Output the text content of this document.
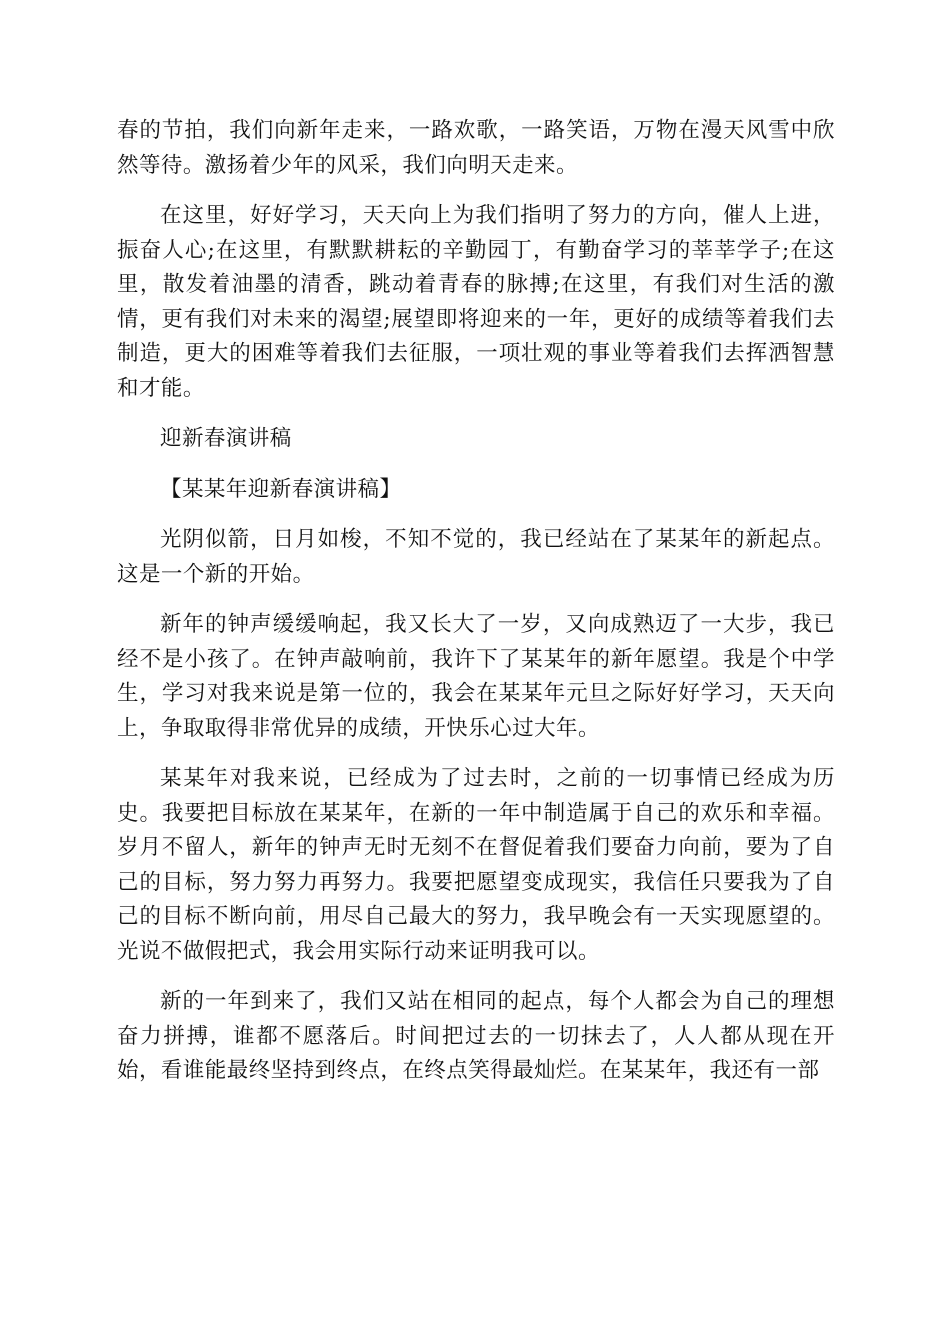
春的节拍，我们向新年走来，一路欢歌，一路笑语，万物在漫天风雪中欣然等待。激扬着少年的风采，我们向明天走来。

在这里，好好学习，天天向上为我们指明了努力的方向，催人上进，振奋人心;在这里，有默默耕耘的辛勤园丁，有勤奋学习的莘莘学子;在这里，散发着油墨的清香，跳动着青春的脉搏;在这里，有我们对生活的激情，更有我们对未来的渴望;展望即将迎来的一年，更好的成绩等着我们去制造，更大的困难等着我们去征服，一项壮观的事业等着我们去挥洒智慧和才能。

迎新春演讲稿

【某某年迎新春演讲稿】

光阴似箭，日月如梭，不知不觉的，我已经站在了某某年的新起点。这是一个新的开始。

新年的钟声缓缓响起，我又长大了一岁，又向成熟迈了一大步，我已经不是小孩了。在钟声敲响前，我许下了某某年的新年愿望。我是个中学生，学习对我来说是第一位的，我会在某某年元旦之际好好学习，天天向上，争取取得非常优异的成绩，开快乐心过大年。

某某年对我来说，已经成为了过去时，之前的一切事情已经成为历史。我要把目标放在某某年，在新的一年中制造属于自己的欢乐和幸福。岁月不留人，新年的钟声无时无刻不在督促着我们要奋力向前，要为了自己的目标，努力努力再努力。我要把愿望变成现实，我信任只要我为了自己的目标不断向前，用尽自己最大的努力，我早晚会有一天实现愿望的。光说不做假把式，我会用实际行动来证明我可以。

新的一年到来了，我们又站在相同的起点，每个人都会为自己的理想奋力拼搏，谁都不愿落后。时间把过去的一切抹去了，人人都从现在开始，看谁能最终坚持到终点，在终点笑得最灿烂。在某某年，我还有一部
